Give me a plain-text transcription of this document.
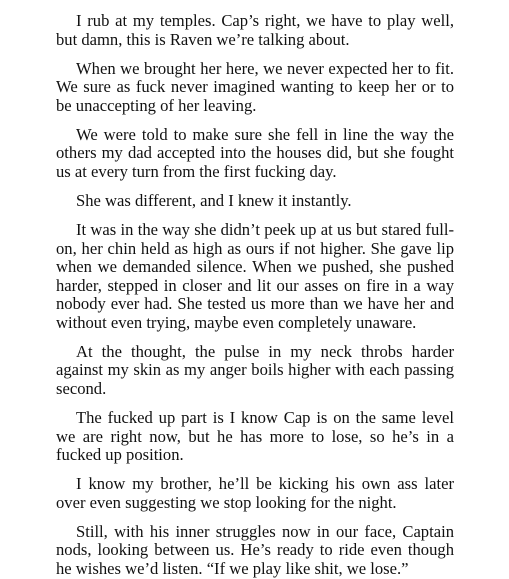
I rub at my temples. Cap’s right, we have to play well, but damn, this is Raven we’re talking about.

When we brought her here, we never expected her to fit. We sure as fuck never imagined wanting to keep her or to be unaccepting of her leaving.

We were told to make sure she fell in line the way the others my dad accepted into the houses did, but she fought us at every turn from the first fucking day.

She was different, and I knew it instantly.

It was in the way she didn’t peek up at us but stared full-on, her chin held as high as ours if not higher. She gave lip when we demanded silence. When we pushed, she pushed harder, stepped in closer and lit our asses on fire in a way nobody ever had. She tested us more than we have her and without even trying, maybe even completely unaware.

At the thought, the pulse in my neck throbs harder against my skin as my anger boils higher with each passing second.

The fucked up part is I know Cap is on the same level we are right now, but he has more to lose, so he’s in a fucked up position.

I know my brother, he’ll be kicking his own ass later over even suggesting we stop looking for the night.

Still, with his inner struggles now in our face, Captain nods, looking between us. He’s ready to ride even though he wishes we’d listen. “If we play like shit, we lose.”
